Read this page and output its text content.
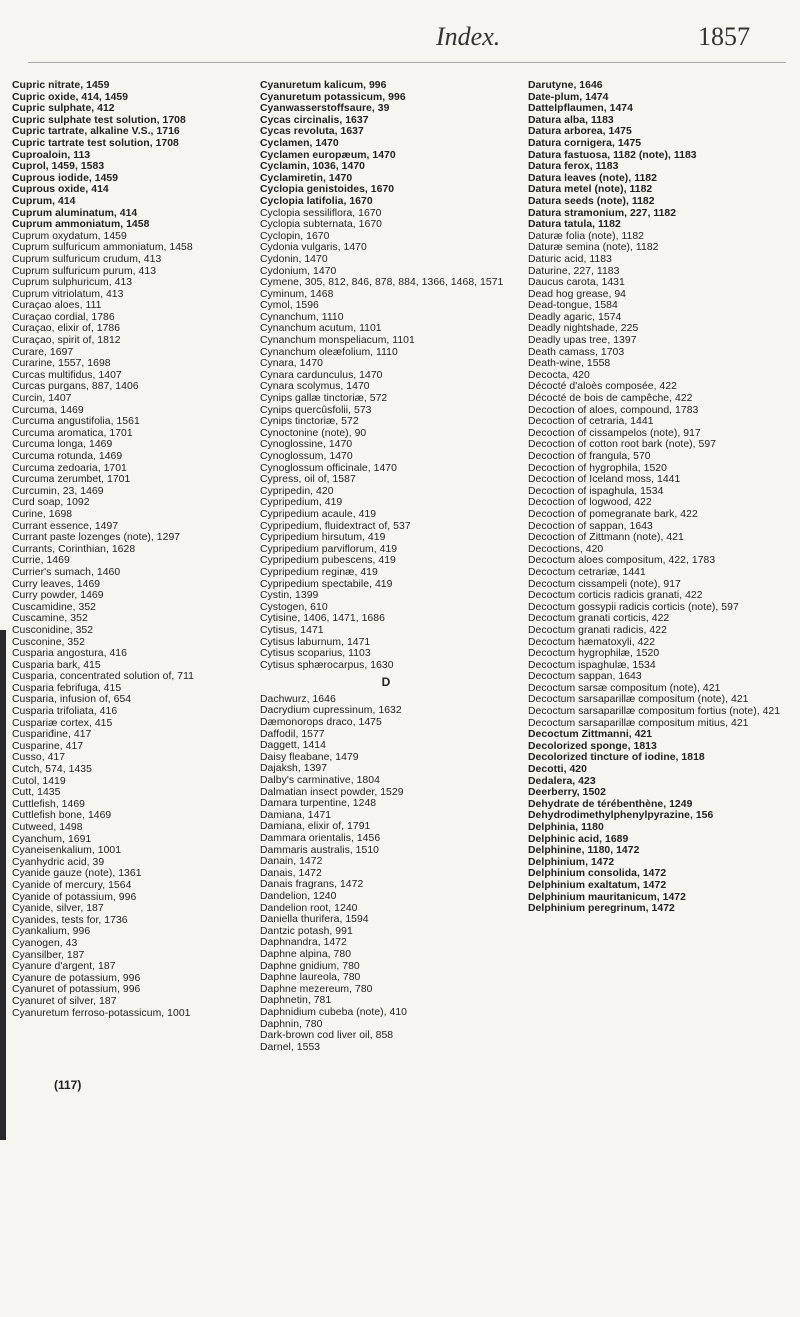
Index.	1857
Cupric nitrate, 1459
Cupric oxide, 414, 1459
Cupric sulphate, 412
Cupric sulphate test solution, 1708
Cupric tartrate, alkaline V.S., 1716
Cupric tartrate test solution, 1708
Cuproaloin, 113
Cuprol, 1459, 1583
Cuprous iodide, 1459
Cuprous oxide, 414
Cuprum, 414
Cuprum aluminatum, 414
Cuprum ammoniatum, 1458
Cuprum oxydatum, 1459
Cuprum sulfuricum ammoniatum, 1458
Cuprum sulfuricum crudum, 413
Cuprum sulfuricum purum, 413
Cuprum sulphuricum, 413
Cuprum vitriolatum, 413
Curaçao aloes, 111
Curaçao cordial, 1786
Curaçao, elixir of, 1786
Curaçao, spirit of, 1812
Curare, 1697
Curarine, 1557, 1698
Curcas multifidus, 1407
Curcas purgans, 887, 1406
Curcin, 1407
Curcuma, 1469
Curcuma angustifolia, 1561
Curcuma aromatica, 1701
Curcuma longa, 1469
Curcuma rotunda, 1469
Curcuma zedoaria, 1701
Curcuma zerumbet, 1701
Curcumin, 23, 1469
Curd soap, 1092
Curine, 1698
Currant essence, 1497
Currant paste lozenges (note), 1297
Currants, Corinthian, 1628
Currie, 1469
Currier's sumach, 1460
Curry leaves, 1469
Curry powder, 1469
Cuscamidine, 352
Cuscamine, 352
Cusconidine, 352
Cusconine, 352
Cusparia angostura, 416
Cusparia bark, 415
Cusparia, concentrated solution of, 711
Cusparia febrifuga, 415
Cusparia, infusion of, 654
Cusparia trifoliata, 416
Cuspariæ cortex, 415
Cuspariđine, 417
Cusparine, 417
Cusso, 417
Cutch, 574, 1435
Cutol, 1419
Cutt, 1435
Cuttlefish, 1469
Cuttlefish bone, 1469
Cutweed, 1498
Cyanchum, 1691
Cyaneisenkalium, 1001
Cyanhydric acid, 39
Cyanide gauze (note), 1361
Cyanide of mercury, 1564
Cyanide of potassium, 996
Cyanide, silver, 187
Cyanides, tests for, 1736
Cyankalium, 996
Cyanogen, 43
Cyansilber, 187
Cyanure d'argent, 187
Cyanure de potassium, 996
Cyanuret of potassium, 996
Cyanuret of silver, 187
Cyanuretum ferroso-potassicum, 1001
Cyanuretum kalicum, 996
Cyanuretum potassicum, 996
Cyanwasserstoffsaure, 39
Cycas circinalis, 1637
Cycas revoluta, 1637
Cyclamen, 1470
Cyclamen europæum, 1470
Cyclamin, 1036, 1470
Cyclamiretin, 1470
Cyclopia genistoides, 1670
Cyclopia latifolia, 1670
Cyclopia sessiliflora, 1670
Cyclopia subternata, 1670
Cyclopin, 1670
Cydonia vulgaris, 1470
Cydonin, 1470
Cydonium, 1470
Cymene, 305, 812, 846, 878, 884, 1366, 1468, 1571
Cyminum, 1468
Cymol, 1596
Cynanchum, 1110
Cynanchum acutum, 1101
Cynanchum monspeliacum, 1101
Cynanchum oleæfolium, 1110
Cynara, 1470
Cynara cardunculus, 1470
Cynara scolymus, 1470
Cynips gallæ tinctoriæ, 572
Cynips quercûsfolii, 573
Cynips tinctoriæ, 572
Cynoctonine (note), 90
Cynoglossine, 1470
Cynoglossum, 1470
Cynoglossum officinale, 1470
Cypress, oil of, 1587
Cypripedin, 420
Cypripedium, 419
Cypripedium acaule, 419
Cypripedium, fluidextract of, 537
Cypripedium hirsutum, 419
Cypripedium parviflorum, 419
Cypripedium pubescens, 419
Cypripedium reginæ, 419
Cypripedium spectabile, 419
Cystin, 1399
Cystogen, 610
Cytisine, 1406, 1471, 1686
Cytisus, 1471
Cytisus laburnum, 1471
Cytisus scoparius, 1103
Cytisus sphærocarpus, 1630
D
Dachwurz, 1646
Dacrydium cupressinum, 1632
Dæmonorops draco, 1475
Daffodil, 1577
Daggett, 1414
Daisy fleabane, 1479
Dajaksh, 1397
Dalby's carminative, 1804
Dalmatian insect powder, 1529
Damara turpentine, 1248
Damiana, 1471
Damiana, elixir of, 1791
Dammara orientalis, 1456
Dammaris australis, 1510
Danain, 1472
Danais, 1472
Danais fragrans, 1472
Dandelion, 1240
Dandelion root, 1240
Daniella thurifera, 1594
Dantzic potash, 991
Daphnandra, 1472
Daphne alpina, 780
Daphne gnidium, 780
Daphne laureola, 780
Daphne mezereum, 780
Daphnetin, 781
Daphnidium cubeba (note), 410
Daphnin, 780
Dark-brown cod liver oil, 858
Darnel, 1553
Darutyne, 1646
Date-plum, 1474
Dattelpflaumen, 1474
Datura alba, 1183
Datura arborea, 1475
Datura cornigera, 1475
Datura fastuosa, 1182 (note), 1183
Datura ferox, 1183
Datura leaves (note), 1182
Datura metel (note), 1182
Datura seeds (note), 1182
Datura stramonium, 227, 1182
Datura tatula, 1182
Daturæ folia (note), 1182
Daturæ semina (note), 1182
Daturic acid, 1183
Daturine, 227, 1183
Daucus carota, 1431
Dead hog grease, 94
Dead-tongue, 1584
Deadly agaric, 1574
Deadly nightshade, 225
Deadly upas tree, 1397
Death camass, 1703
Death-wine, 1558
Decocta, 420
Décocté d'aloès composée, 422
Décocté de bois de campêche, 422
Decoction of aloes, compound, 1783
Decoction of cetraria, 1441
Decoction of cissampelos (note), 917
Decoction of cotton root bark (note), 597
Decoction of frangula, 570
Decoction of hygrophila, 1520
Decoction of Iceland moss, 1441
Decoction of ispaghula, 1534
Decoction of logwood, 422
Decoction of pomegranate bark, 422
Decoction of sappan, 1643
Decoction of Zittmann (note), 421
Decoctions, 420
Decoctum aloes compositum, 422, 1783
Decoctum cetrariæ, 1441
Decoctum cissampeli (note), 917
Decoctum corticis radicis granati, 422
Decoctum gossypii radicis corticis (note), 597
Decoctum granati corticis, 422
Decoctum granati radicis, 422
Decoctum hæmatoxyli, 422
Decoctum hygrophilæ, 1520
Decoctum ispaghulæ, 1534
Decoctum sappan, 1643
Decoctum sarsæ compositum (note), 421
Decoctum sarsaparillæ compositum (note), 421
Decoctum sarsaparillæ compositum fortius (note), 421
Decoctum sarsaparillæ compositum mitius, 421
Decoctum Zittmanni, 421
Decolorized sponge, 1813
Decolorized tincture of iodine, 1818
Decotti, 420
Dedalera, 423
Deerberry, 1502
Dehydrate de térébenthène, 1249
Dehydrodimethylphenylpyrazine, 156
Delphinia, 1180
Delphinic acid, 1689
Delphinine, 1180, 1472
Delphinium, 1472
Delphinium consolida, 1472
Delphinium exaltatum, 1472
Delphinium mauritanicum, 1472
Delphinium peregrinum, 1472
(117)
